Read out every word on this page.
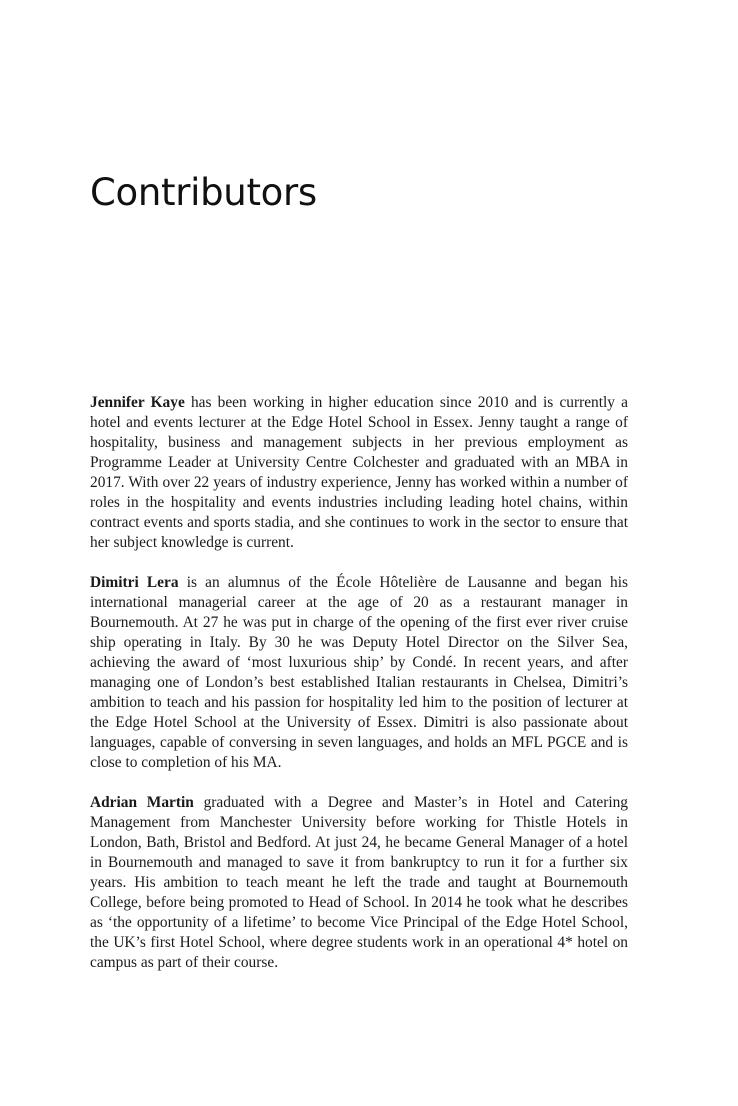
Contributors

Jennifer Kaye has been working in higher education since 2010 and is currently a hotel and events lecturer at the Edge Hotel School in Essex. Jenny taught a range of hospitality, business and management subjects in her previous employment as Programme Leader at University Centre Colchester and graduated with an MBA in 2017. With over 22 years of industry experience, Jenny has worked within a number of roles in the hospitality and events industries including leading hotel chains, within contract events and sports stadia, and she continues to work in the sector to ensure that her subject knowledge is current.

Dimitri Lera is an alumnus of the École Hôtelière de Lausanne and began his international managerial career at the age of 20 as a restaurant manager in Bournemouth. At 27 he was put in charge of the opening of the first ever river cruise ship operating in Italy. By 30 he was Deputy Hotel Director on the Silver Sea, achieving the award of ‘most luxurious ship’ by Condé. In recent years, and after managing one of London’s best established Italian restaurants in Chelsea, Dimitri’s ambition to teach and his passion for hospitality led him to the position of lecturer at the Edge Hotel School at the University of Essex. Dimitri is also passionate about languages, capable of conversing in seven languages, and holds an MFL PGCE and is close to completion of his MA.

Adrian Martin graduated with a Degree and Master’s in Hotel and Catering Management from Manchester University before working for Thistle Hotels in London, Bath, Bristol and Bedford. At just 24, he became General Manager of a hotel in Bournemouth and managed to save it from bankruptcy to run it for a further six years. His ambition to teach meant he left the trade and taught at Bournemouth College, before being promoted to Head of School. In 2014 he took what he describes as ‘the opportunity of a lifetime’ to become Vice Principal of the Edge Hotel School, the UK’s first Hotel School, where degree students work in an operational 4* hotel on campus as part of their course.
